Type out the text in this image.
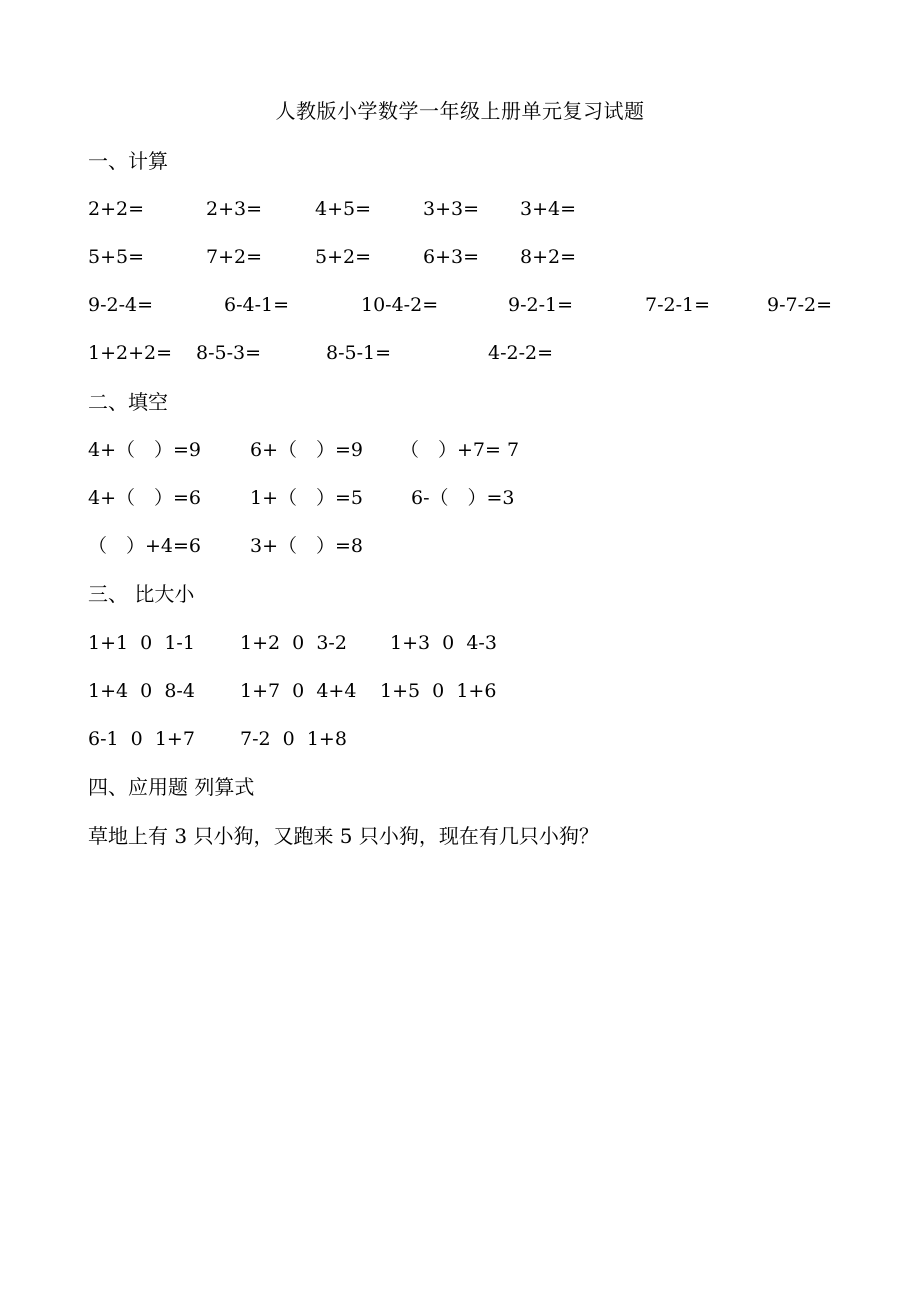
人教版小学数学一年级上册单元复习试题
一、计算
2+2=	2+3=	4+5=	3+3= 3+4=
5+5=	7+2=	5+2=	6+3= 8+2=
9-2-4=	6-4-1=	10-4-2=	9-2-1=	7-2-1=	9-7-2=
1+2+2= 8-5-3=	8-5-1=	4-2-2=
二、填空
4+（　）=9	6+（　）=9 （　）+7= 7
4+（　）=6	1+（　）=5	6-（　）=3
（　）+4=6	3+（　）=8
三、 比大小
1+1  0  1-1 1+2  0  3-2 1+3  0  4-3
1+4  0  8-4 1+7  0  4+4 1+5  0  1+6
6-1  0  1+7 7-2  0  1+8
四、应用题 列算式
草地上有 3 只小狗，又跑来 5 只小狗，现在有几只小狗？
